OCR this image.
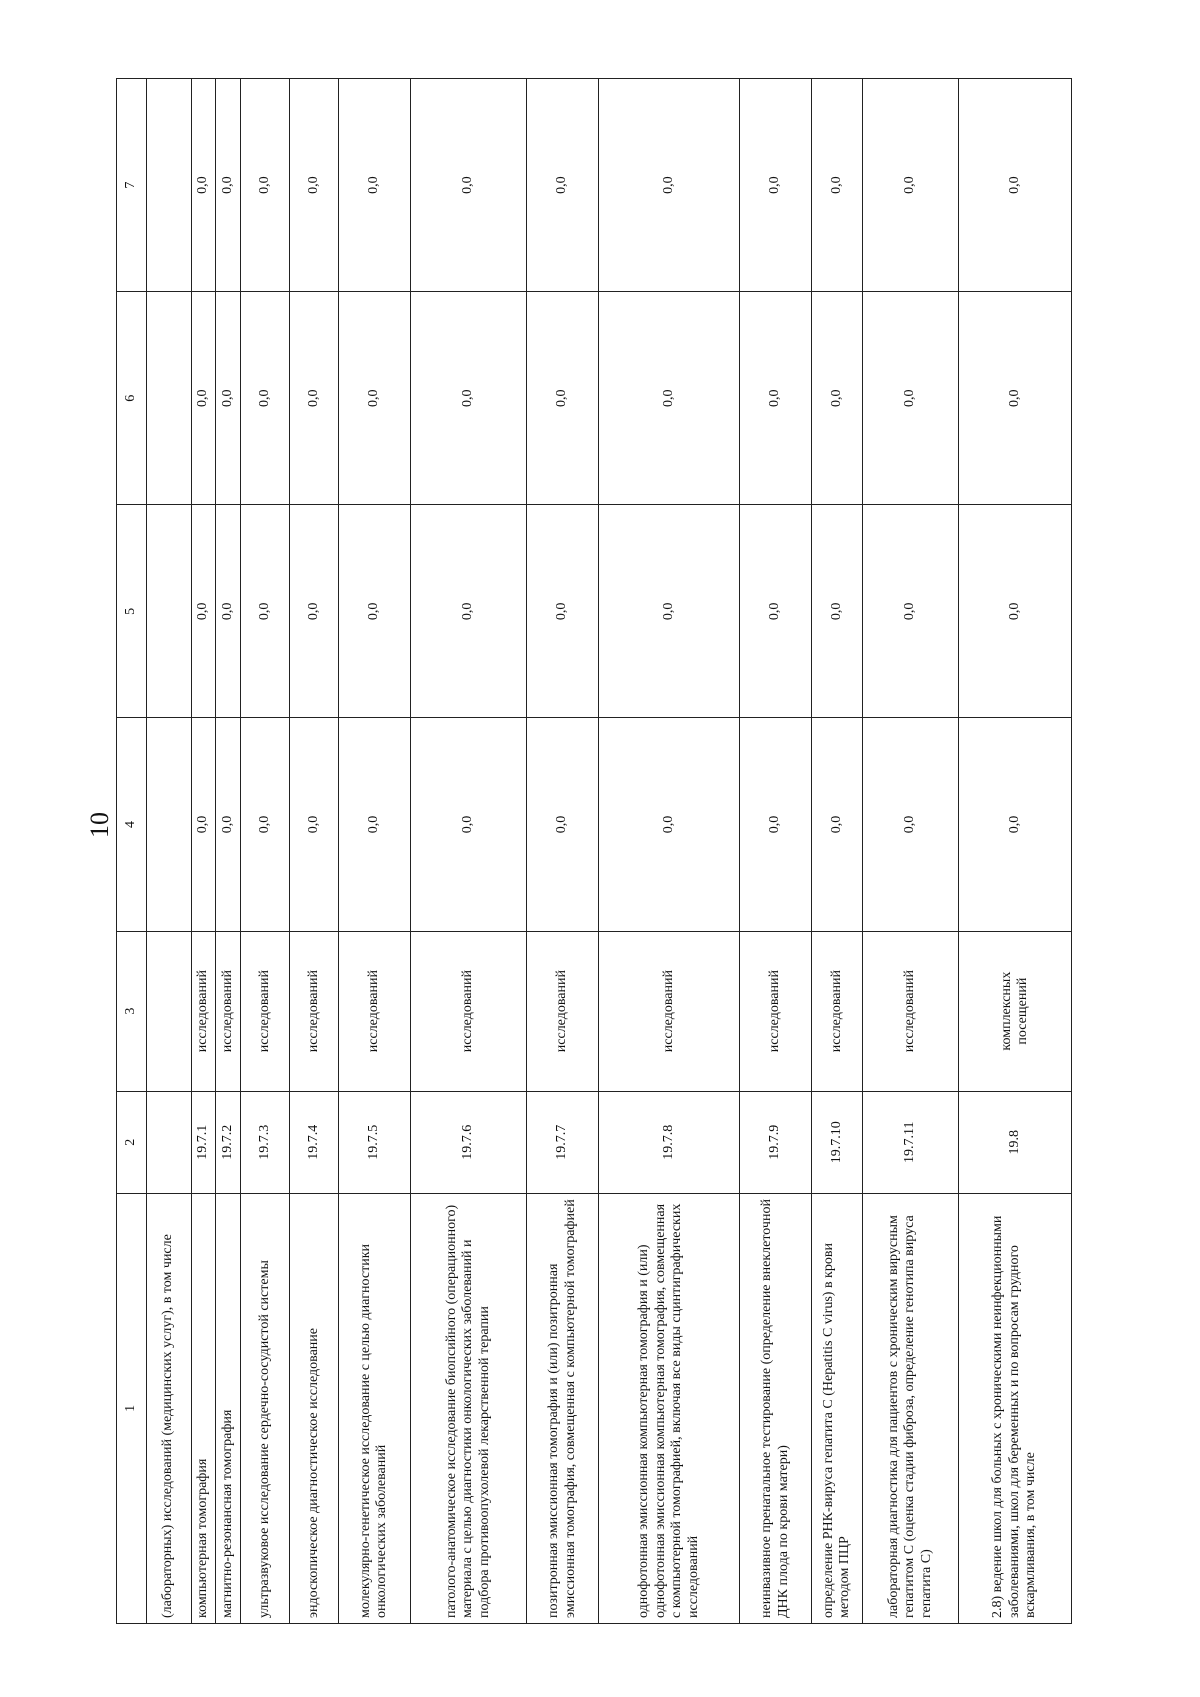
10
1	2	3	4	5	6	7
(лабораторных) исследований (медицинских услуг), в том числе						
компьютерная томография	19.7.1	исследований	0,0	0,0	0,0	0,0
магнитно-резонансная томография	19.7.2	исследований	0,0	0,0	0,0	0,0
ультразвуковое исследование сердечно-сосудистой системы	19.7.3	исследований	0,0	0,0	0,0	0,0
эндоскопическое диагностическое исследование	19.7.4	исследований	0,0	0,0	0,0	0,0
молекулярно-генетическое исследование с целью диагностики онкологических заболеваний	19.7.5	исследований	0,0	0,0	0,0	0,0
патолого-анатомическое исследование биопсийного (операционного) материала с целью диагностики онкологических заболеваний и подбора противоопухолевой лекарственной терапии	19.7.6	исследований	0,0	0,0	0,0	0,0
позитронная эмиссионная томография и (или) позитронная эмиссионная томография, совмещенная с компьютерной томографией	19.7.7	исследований	0,0	0,0	0,0	0,0
однофотонная эмиссионная компьютерная томография и (или) однофотонная эмиссионная компьютерная томография, совмещенная с компьютерной томографией, включая все виды сцинтиграфических исследований	19.7.8	исследований	0,0	0,0	0,0	0,0
неинвазивное пренатальное тестирование (определение внеклеточной ДНК плода по крови матери)	19.7.9	исследований	0,0	0,0	0,0	0,0
определение РНК-вируса гепатита С (Hepatitis C virus) в крови методом ПЦР	19.7.10	исследований	0,0	0,0	0,0	0,0
лабораторная диагностика для пациентов с хроническим вирусным гепатитом С (оценка стадии фиброза, определение генотипа вируса гепатита С)	19.7.11	исследований	0,0	0,0	0,0	0,0
2.8) ведение школ для больных с хроническими неинфекционными заболеваниями, школ для беременных и по вопросам грудного вскармливания, в том числе	19.8	комплексных посещений	0,0	0,0	0,0	0,0
